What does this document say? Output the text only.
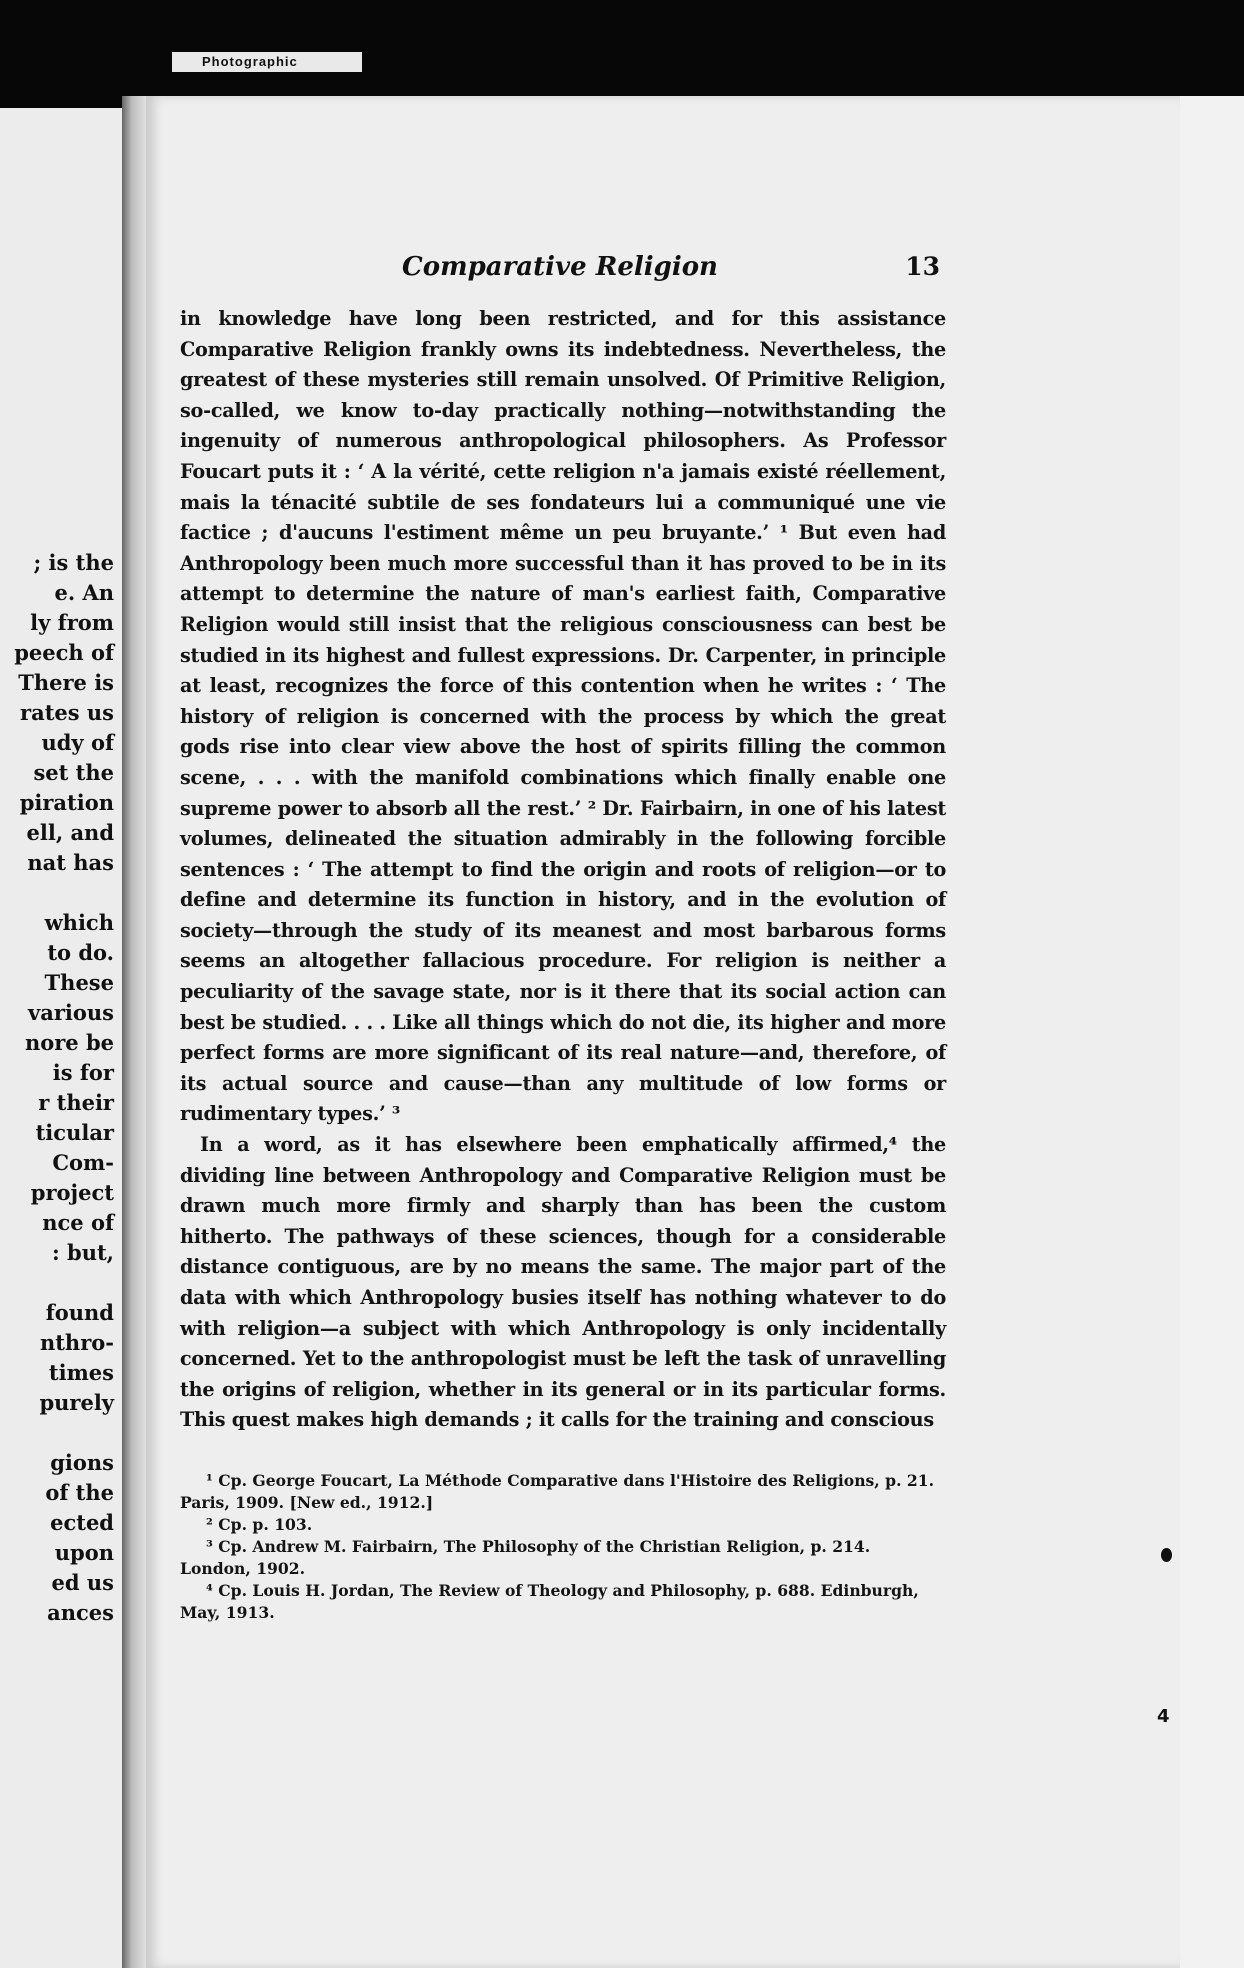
Photographic
; is the
e. An
ly from
peech of
There is
rates us
udy of
set the
piration
ell, and
nat has

which
to do.
These
various
nore be
is for
r their
ticular
Com-
project
nce of
: but,

found
nthro-
times
purely

gions
of the
ected
upon
ed us
ances
4
Comparative Religion	13

in knowledge have long been restricted, and for this assistance Comparative Religion frankly owns its indebtedness. Nevertheless, the greatest of these mysteries still remain unsolved. Of Primitive Religion, so-called, we know to-day practically nothing—notwithstanding the ingenuity of numerous anthropological philosophers. As Professor Foucart puts it : ‘ A la vérité, cette religion n'a jamais existé réellement, mais la ténacité subtile de ses fondateurs lui a communiqué une vie factice ; d'aucuns l'estiment même un peu bruyante.’ ¹ But even had Anthropology been much more successful than it has proved to be in its attempt to determine the nature of man's earliest faith, Comparative Religion would still insist that the religious consciousness can best be studied in its highest and fullest expressions. Dr. Carpenter, in principle at least, recognizes the force of this contention when he writes : ‘ The history of religion is concerned with the process by which the great gods rise into clear view above the host of spirits filling the common scene, . . . with the manifold combinations which finally enable one supreme power to absorb all the rest.’ ² Dr. Fairbairn, in one of his latest volumes, delineated the situation admirably in the following forcible sentences : ‘ The attempt to find the origin and roots of religion—or to define and determine its function in history, and in the evolution of society—through the study of its meanest and most barbarous forms seems an altogether fallacious procedure. For religion is neither a peculiarity of the savage state, nor is it there that its social action can best be studied. . . . Like all things which do not die, its higher and more perfect forms are more significant of its real nature—and, therefore, of its actual source and cause—than any multitude of low forms or rudimentary types.’ ³

In a word, as it has elsewhere been emphatically affirmed,⁴ the dividing line between Anthropology and Comparative Religion must be drawn much more firmly and sharply than has been the custom hitherto. The pathways of these sciences, though for a considerable distance contiguous, are by no means the same. The major part of the data with which Anthropology busies itself has nothing whatever to do with religion—a subject with which Anthropology is only incidentally concerned. Yet to the anthropologist must be left the task of unravelling the origins of religion, whether in its general or in its particular forms. This quest makes high demands ; it calls for the training and conscious

¹ Cp. George Foucart, La Méthode Comparative dans l'Histoire des Religions, p. 21. Paris, 1909. [New ed., 1912.]

² Cp. p. 103.

³ Cp. Andrew M. Fairbairn, The Philosophy of the Christian Religion, p. 214. London, 1902.

⁴ Cp. Louis H. Jordan, The Review of Theology and Philosophy, p. 688. Edinburgh, May, 1913.
